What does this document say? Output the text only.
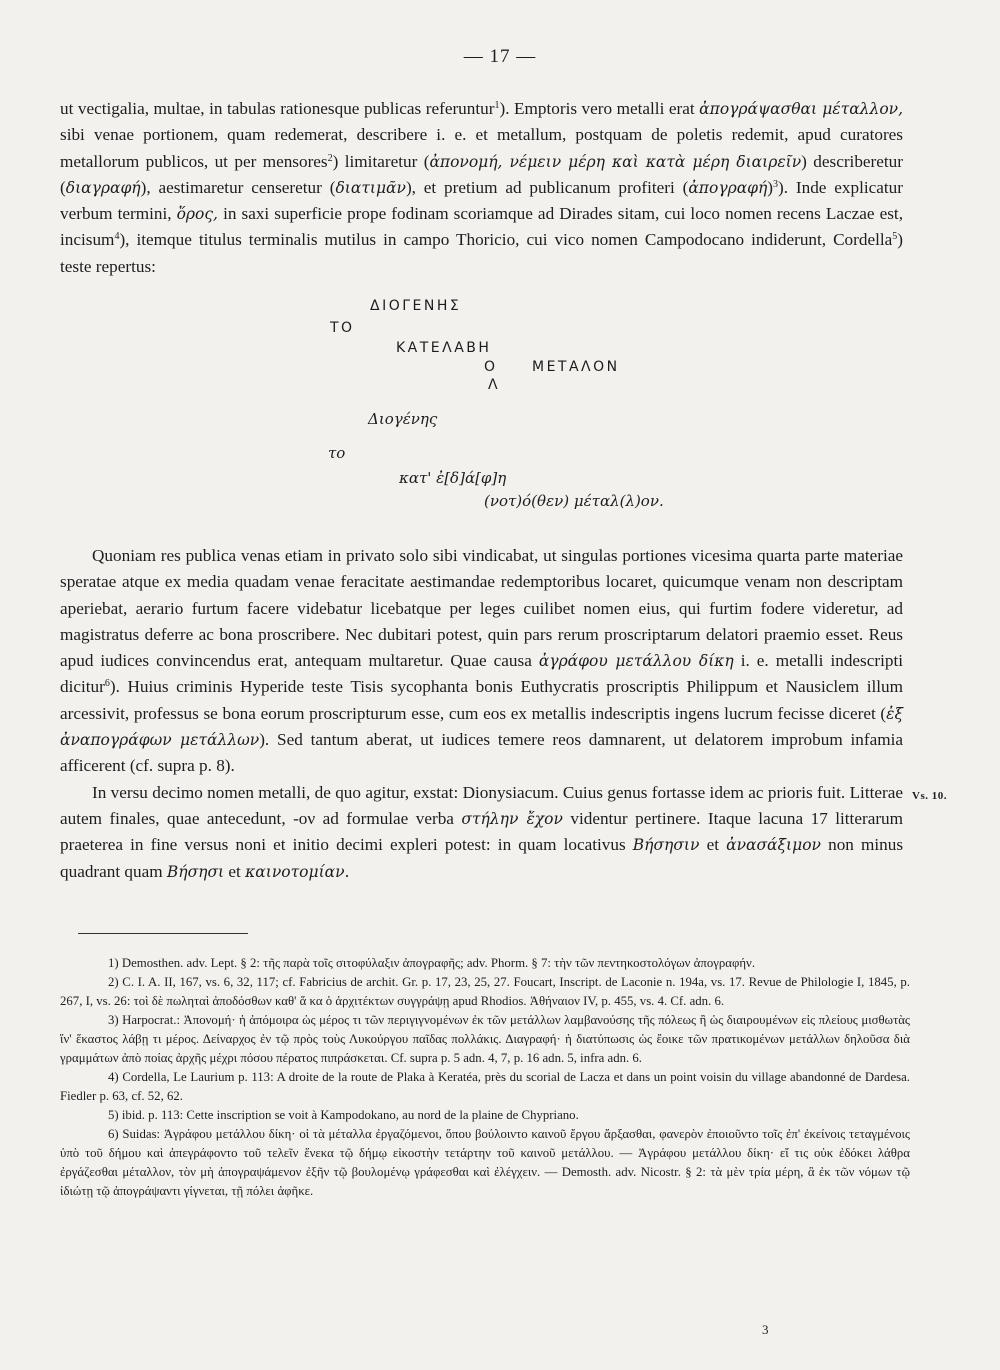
— 17 —
ut vectigalia, multae, in tabulas rationesque publicas referuntur$^1$). Emptoris vero metalli erat ἀπογράψασθαι μέταλλον, sibi venae portionem, quam redemerat, describere i. e. et metallum, postquam de poletis redemit, apud curatores metallorum publicos, ut per mensores$^2$) limitaretur (ἀπονομή, νέμειν μέρη καὶ κατὰ μέρη διαιρεῖν) describeretur (διαγραφή), aestimaretur censeretur (διατιμᾶν), et pretium ad publicanum profiteri (ἀπογραφή)$^3$). Inde explicatur verbum termini, ὅρος, in saxi superficie prope fodinam scoriamque ad Dirades sitam, cui loco nomen recens Laczae est, incisum$^4$), itemque titulus terminalis mutilus in campo Thoricio, cui vico nomen Campodocano indiderunt, Cordella$^5$) teste repertus:
ΔΙΟΓΕΝΗΣ
ΤΟ
ΚΑΤΕΛΑΒΗ
Ο ΜΕΤΑΛΟΝ
Λ
Διογένης
το
κατ' ἐ[δ]ά[φ]η
(νοτ)ό(θεν) μέταλ(λ)ον.

Quoniam res publica venas etiam in privato solo sibi vindicabat, ut singulas portiones vicesima quarta parte materiae speratae atque ex media quadam venae feracitate aestimandae redemptoribus locaret, quicumque venam non descriptam aperiebat, aerario furtum facere videbatur licebatque per leges cuilibet nomen eius, qui furtim fodere videretur, ad magistratus deferre ac bona proscribere. Nec dubitari potest, quin pars rerum proscriptarum delatori praemio esset. Reus apud iudices convincendus erat, antequam multaretur. Quae causa ἀγράφου μετάλλου δίκη i. e. metalli indescripti dicitur$^6$). Huius criminis Hyperide teste Tisis sycophanta bonis Euthycratis proscriptis Philippum et Nausiclem illum arcessivit, professus se bona eorum proscripturum esse, cum eos ex metallis indescriptis ingens lucrum fecisse diceret (ἐξ ἀναπογράφων μετάλλων). Sed tantum aberat, ut iudices temere reos damnarent, ut delatorem improbum infamia afficerent (cf. supra p. 8).

In versu decimo nomen metalli, de quo agitur, exstat: Dionysiacum. Cuius genus fortasse idem ac prioris fuit. Litterae autem finales, quae antecedunt, -ον ad formulae verba στήλην ἔχον videntur pertinere. Itaque lacuna 17 litterarum praeterea in fine versus noni et initio decimi expleri potest: in quam locativus Βήσησιν et ἀνασάξιμον non minus quadrant quam Βήσησι et καινοτομίαν.

Vs. 10.

1) Demosthen. adv. Lept. § 2: τῆς παρὰ τοῖς σιτοφύλαξιν ἀπογραφῆς; adv. Phorm. § 7: τὴν τῶν πεντηκοστολόγων ἀπογραφήν.

2) C. I. A. II, 167, vs. 6, 32, 117; cf. Fabricius de archit. Gr. p. 17, 23, 25, 27. Foucart, Inscript. de Laconie n. 194a, vs. 17. Revue de Philologie I, 1845, p. 267, I, vs. 26: τοὶ δὲ πωληταὶ ἀποδόσθων καθ' ἅ κα ὁ ἀρχιτέκτων συγγράψῃ apud Rhodios. Ἀθήναιον IV, p. 455, vs. 4. Cf. adn. 6.

3) Harpocrat.: Ἀπονομή· ἡ ἀπόμοιρα ὡς μέρος τι τῶν περιγιγνομένων ἐκ τῶν μετάλλων λαμβανούσης τῆς πόλεως ἢ ὡς διαιρουμένων εἰς πλείους μισθωτὰς ἵν' ἕκαστος λάβῃ τι μέρος. Δείναρχος ἐν τῷ πρὸς τοὺς Λυκούργου παῖδας πολλάκις. Διαγραφή· ἡ διατύπωσις ὡς ἔοικε τῶν πρατικομένων μετάλλων δηλοῦσα διὰ γραμμάτων ἀπὸ ποίας ἀρχῆς μέχρι πόσου πέρατος πιπράσκεται. Cf. supra p. 5 adn. 4, 7, p. 16 adn. 5, infra adn. 6.

4) Cordella, Le Laurium p. 113: A droite de la route de Plaka à Keratéa, près du scorial de Lacza et dans un point voisin du village abandonné de Dardesa. Fiedler p. 63, cf. 52, 62.

5) ibid. p. 113: Cette inscription se voit à Kampodokano, au nord de la plaine de Chypriano.

6) Suidas: Ἀγράφου μετάλλου δίκη· οἱ τὰ μέταλλα ἐργαζόμενοι, ὅπου βούλοιντο καινοῦ ἔργου ἄρξασθαι, φανερὸν ἐποιοῦντο τοῖς ἐπ' ἐκείνοις τεταγμένοις ὑπὸ τοῦ δήμου καὶ ἀπεγράφοντο τοῦ τελεῖν ἕνεκα τῷ δήμῳ εἰκοστὴν τετάρτην τοῦ καινοῦ μετάλλου. — Ἀγράφου μετάλλου δίκη· εἴ τις οὐκ ἐδόκει λάθρα ἐργάζεσθαι μέταλλον, τὸν μὴ ἀπογραψάμενον ἐξῆν τῷ βουλομένῳ γράφεσθαι καὶ ἐλέγχειν. — Demosth. adv. Nicostr. § 2: τὰ μὲν τρία μέρη, ἃ ἐκ τῶν νόμων τῷ ἰδιώτῃ τῷ ἀπογράψαντι γίγνεται, τῇ πόλει ἀφῆκε.

3
